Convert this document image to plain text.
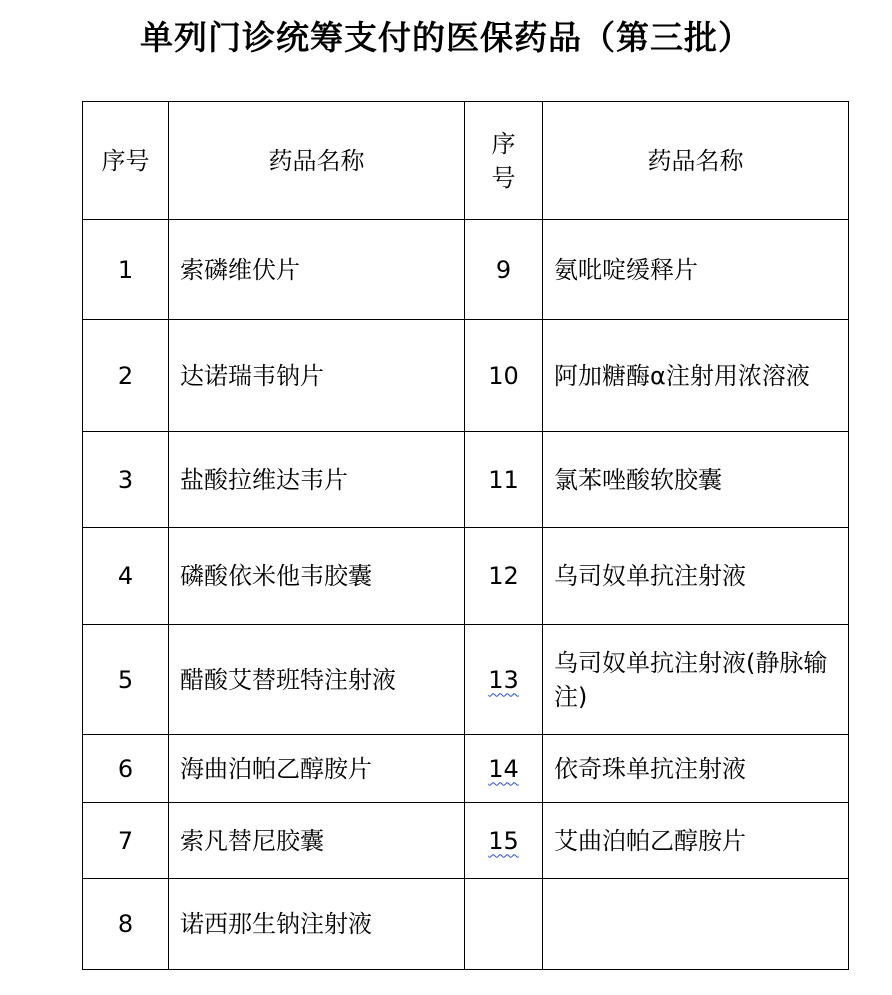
单列门诊统筹支付的医保药品（第三批）
序号	药品名称	序号	药品名称
1	索磷维伏片	9	氨吡啶缓释片
2	达诺瑞韦钠片	10	阿加糖酶α注射用浓溶液
3	盐酸拉维达韦片	11	氯苯唑酸软胶囊
4	磷酸依米他韦胶囊	12	乌司奴单抗注射液
5	醋酸艾替班特注射液	13	乌司奴单抗注射液(静脉输注)
6	海曲泊帕乙醇胺片	14	依奇珠单抗注射液
7	索凡替尼胶囊	15	艾曲泊帕乙醇胺片
8	诺西那生钠注射液		
